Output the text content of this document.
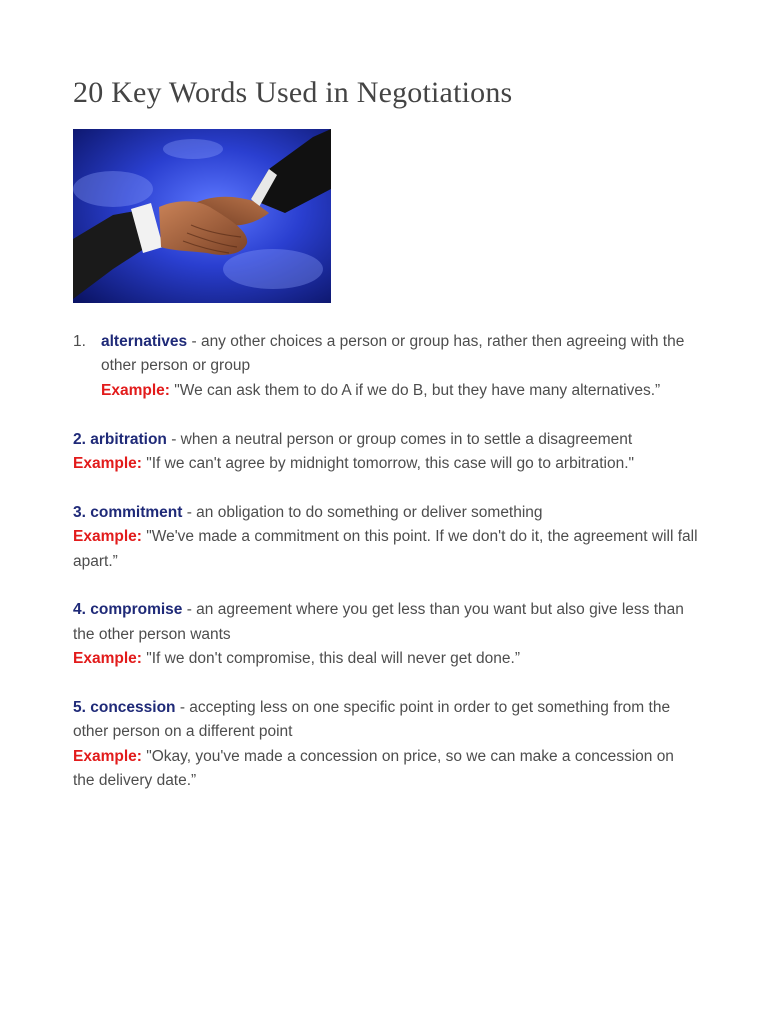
20 Key Words Used in Negotiations
1. alternatives - any other choices a person or group has, rather then agreeing with the other person or group
Example: "We can ask them to do A if we do B, but they have many alternatives.”
2. arbitration - when a neutral person or group comes in to settle a disagreement
Example: "If we can't agree by midnight tomorrow, this case will go to arbitration."
3. commitment - an obligation to do something or deliver something
Example: "We've made a commitment on this point. If we don't do it, the agreement will fall apart.”
4. compromise - an agreement where you get less than you want but also give less than the other person wants
Example: "If we don't compromise, this deal will never get done.”
5. concession - accepting less on one specific point in order to get something from the other person on a different point
Example: "Okay, you've made a concession on price, so we can make a concession on the delivery date.”
